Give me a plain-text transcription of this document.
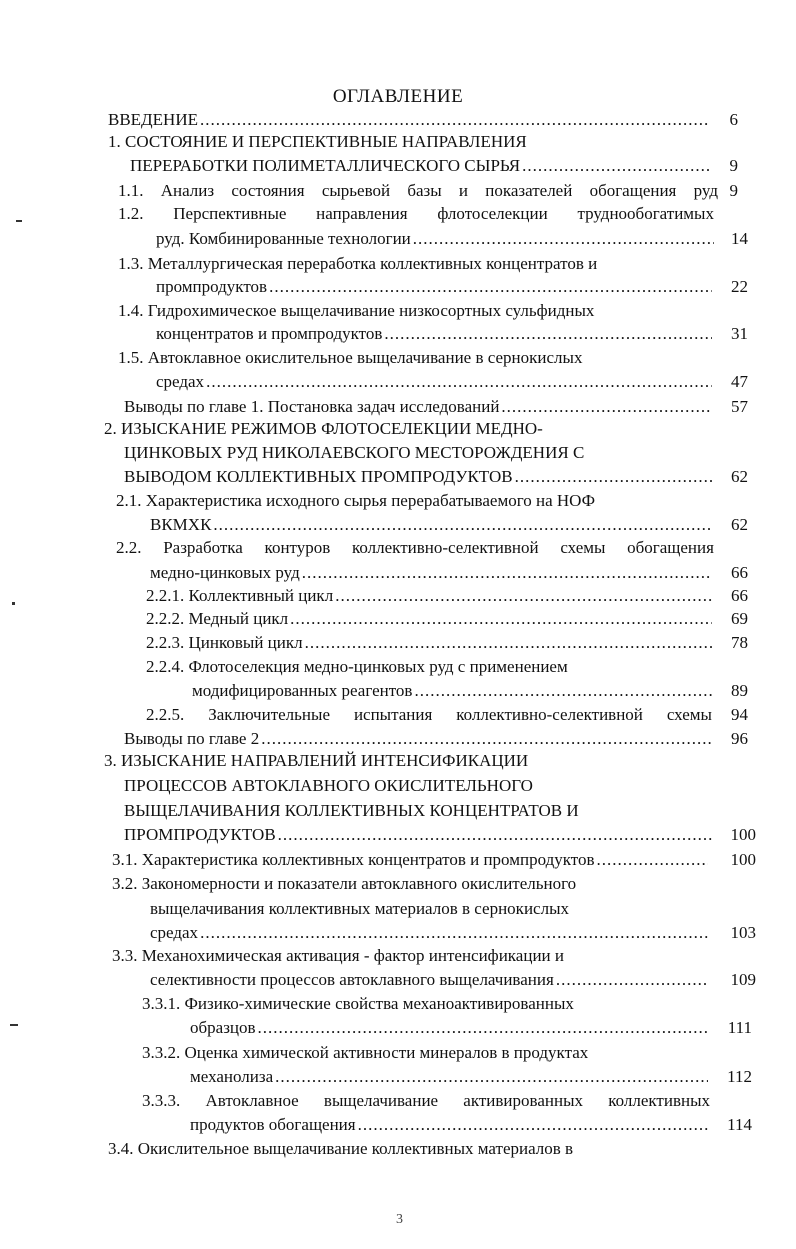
ОГЛАВЛЕНИЕ
ВВЕДЕНИЕ .....	6
1. СОСТОЯНИЕ И ПЕРСПЕКТИВНЫЕ НАПРАВЛЕНИЯ
ПЕРЕРАБОТКИ ПОЛИМЕТАЛЛИЧЕСКОГО СЫРЬЯ .....	9
1.1. Анализ состояния сырьевой базы и показателей обогащения руд 9
1.2. Перспективные направления флотоселекции труднообогатимых
руд. Комбинированные технологии .....	14
1.3. Металлургическая переработка коллективных концентратов и
промпродуктов .....	22
1.4. Гидрохимическое выщелачивание низкосортных сульфидных
концентратов и промпродуктов .....	31
1.5. Автоклавное окислительное выщелачивание в сернокислых
средах .....	47
Выводы по главе 1. Постановка задач исследований .....	57
2. ИЗЫСКАНИЕ РЕЖИМОВ ФЛОТОСЕЛЕКЦИИ МЕДНО-
ЦИНКОВЫХ РУД НИКОЛАЕВСКОГО МЕСТОРОЖДЕНИЯ С
ВЫВОДОМ КОЛЛЕКТИВНЫХ ПРОМПРОДУКТОВ .....	62
2.1. Характеристика исходного сырья перерабатываемого на НОФ
ВКМХК .....	62
2.2. Разработка контуров коллективно-селективной схемы обогащения
медно-цинковых руд .....	66
2.2.1. Коллективный цикл .....	66
2.2.2. Медный цикл .....	69
2.2.3. Цинковый цикл .....	78
2.2.4. Флотоселекция медно-цинковых руд с применением
модифицированных реагентов .....	89
2.2.5. Заключительные испытания коллективно-селективной схемы	94
Выводы по главе 2 .....	96
3. ИЗЫСКАНИЕ НАПРАВЛЕНИЙ ИНТЕНСИФИКАЦИИ
ПРОЦЕССОВ АВТОКЛАВНОГО ОКИСЛИТЕЛЬНОГО
ВЫЩЕЛАЧИВАНИЯ КОЛЛЕКТИВНЫХ КОНЦЕНТРАТОВ И
ПРОМПРОДУКТОВ .....	100
3.1. Характеристика коллективных концентратов и промпродуктов .....	100
3.2. Закономерности и показатели автоклавного окислительного
выщелачивания коллективных материалов в сернокислых
средах .....	103
3.3. Механохимическая активация - фактор интенсификации и
селективности процессов автоклавного выщелачивания .....	109
3.3.1. Физико-химические свойства механоактивированных
образцов .....	111
3.3.2. Оценка химической активности минералов в продуктах
механолиза .....	112
3.3.3. Автоклавное выщелачивание активированных коллективных
продуктов обогащения .....	114
3.4. Окислительное выщелачивание коллективных материалов в
3
